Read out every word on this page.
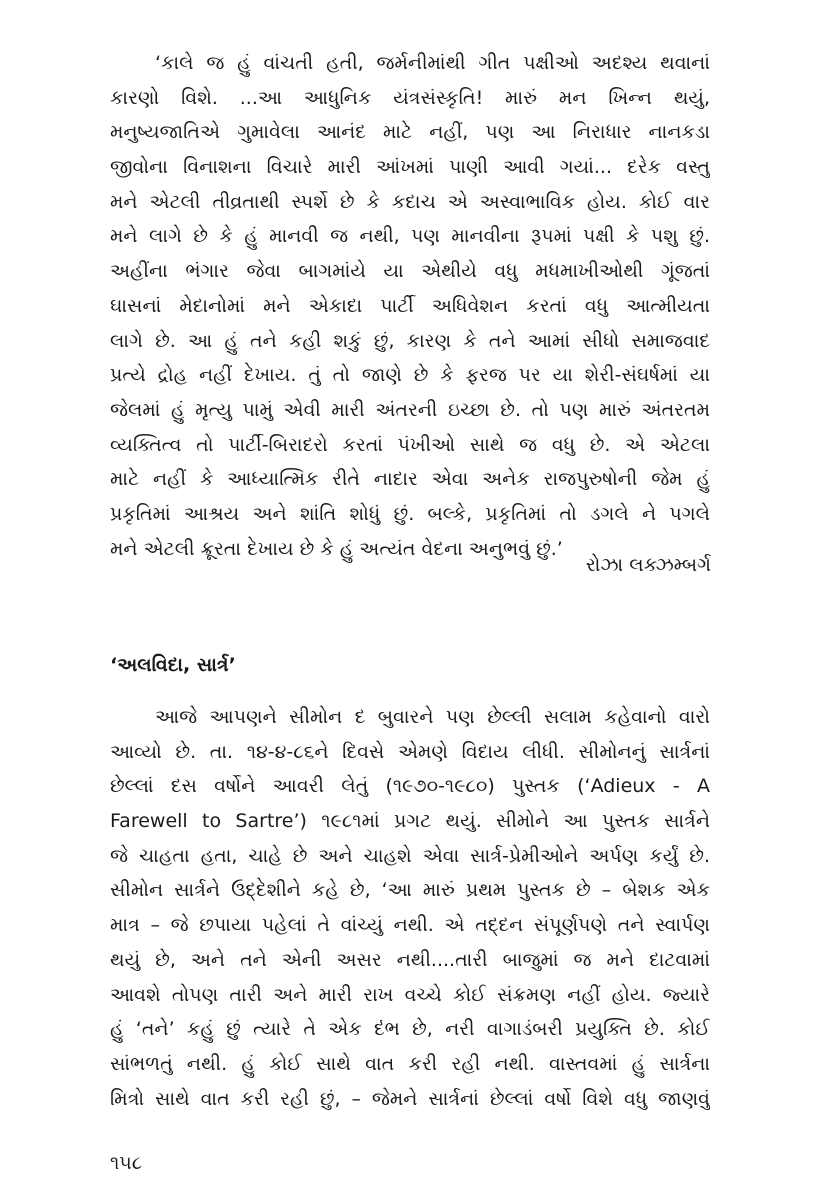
‘કાલે જ હું વાંચતી હતી, જર્મનીમાંથી ગીત પક્ષીઓ અદશ્ય થવાનાં
કારણો વિશે. ...આ આધુનિક યંત્રસંસ્કૃતિ! મારું મન ખિન્ન થયું,
મનુષ્યજાતિએ ગુમાવેલા આનંદ માટે નહીં, પણ આ નિરાધાર નાનકડા
જીવોના વિનાશના વિચારે મારી આંખમાં પાણી આવી ગયાં... દરેક વસ્તુ
મને એટલી તીવ્રતાથી સ્પર્શે છે કે કદાચ એ અસ્વાભાવિક હોય. કોઈ વાર
મને લાગે છે કે હું માનવી જ નથી, પણ માનવીના રૂપમાં પક્ષી કે પશુ છું.
અહીંના ભંગાર જેવા બાગમાંયે યા એથીયે વધુ મધમાખીઓથી ગૂંજતાં
ઘાસનાં મેદાનોમાં મને એકાદા પાર્ટી અધિવેશન કરતાં વધુ આત્મીયતા
લાગે છે. આ હું તને કહી શકું છું, કારણ કે તને આમાં સીધો સમાજવાદ
પ્રત્યે દ્રોહ નહીં દેખાય. તું તો જાણે છે કે ફરજ પર યા શેરી-સંઘર્ષમાં યા
જેલમાં હું મૃત્યુ પામું એવી મારી અંતરની ઇચ્છા છે. તો પણ મારું અંતરતમ
વ્યક્તિત્વ તો પાર્ટી-બિરાદરો કરતાં પંખીઓ સાથે જ વધુ છે. એ એટલા
માટે નહીં કે આધ્યાત્મિક રીતે નાદાર એવા અનેક રાજપુરુષોની જેમ હું
પ્રકૃતિમાં આશ્રય અને શાંતિ શોધું છું. બલ્કે, પ્રકૃતિમાં તો ડગલે ને પગલે
મને એટલી ક્રૂરતા દેખાય છે કે હું અત્યંત વેદના અનુભવું છું.’
રોઝા લક્ઝમ્બર્ગ
‘અલવિદા, સાર્ત્ર’
આજે આપણને સીમોન દ બુવારને પણ છેલ્લી સલામ કહેવાનો વારો
આવ્યો છે. તા. ૧૪-૪-૮૬ને દિવસે એમણે વિદાય લીધી. સીમોનનું સાર્ત્રનાં
છેલ્લાં દસ વર્ષોને આવરી લેતું (૧૯૭૦-૧૯૮૦) પુસ્તક (‘Adieux - A
Farewell to Sartre’) ૧૯૮૧માં પ્રગટ થયું. સીમોને આ પુસ્તક સાર્ત્રને
જે ચાહતા હતા, ચાહે છે અને ચાહશે એવા સાર્ત્ર-પ્રેમીઓને અર્પણ કર્યું છે.
સીમોન સાર્ત્રને ઉદ્દેશીને કહે છે, ‘આ મારું પ્રથમ પુસ્તક છે – બેશક એક
માત્ર – જે છપાયા પહેલાં તે વાંચ્યું નથી. એ તદ્દન સંપૂર્ણપણે તને સ્વાર્પણ
થયું છે, અને તને એની અસર નથી....તારી બાજુમાં જ મને દાટવામાં
આવશે તોપણ તારી અને મારી રાખ વચ્ચે કોઈ સંક્રમણ નહીં હોય. જ્યારે
હું ‘તને’ કહું છું ત્યારે તે એક દંભ છે, નરી વાગાડંબરી પ્રયુક્તિ છે. કોઈ
સાંભળતું નથી. હું કોઈ સાથે વાત કરી રહી નથી. વાસ્તવમાં હું સાર્ત્રના
મિત્રો સાથે વાત કરી રહી છું, – જેમને સાર્ત્રનાં છેલ્લાં વર્ષો વિશે વધુ જાણવું
૧૫૮
